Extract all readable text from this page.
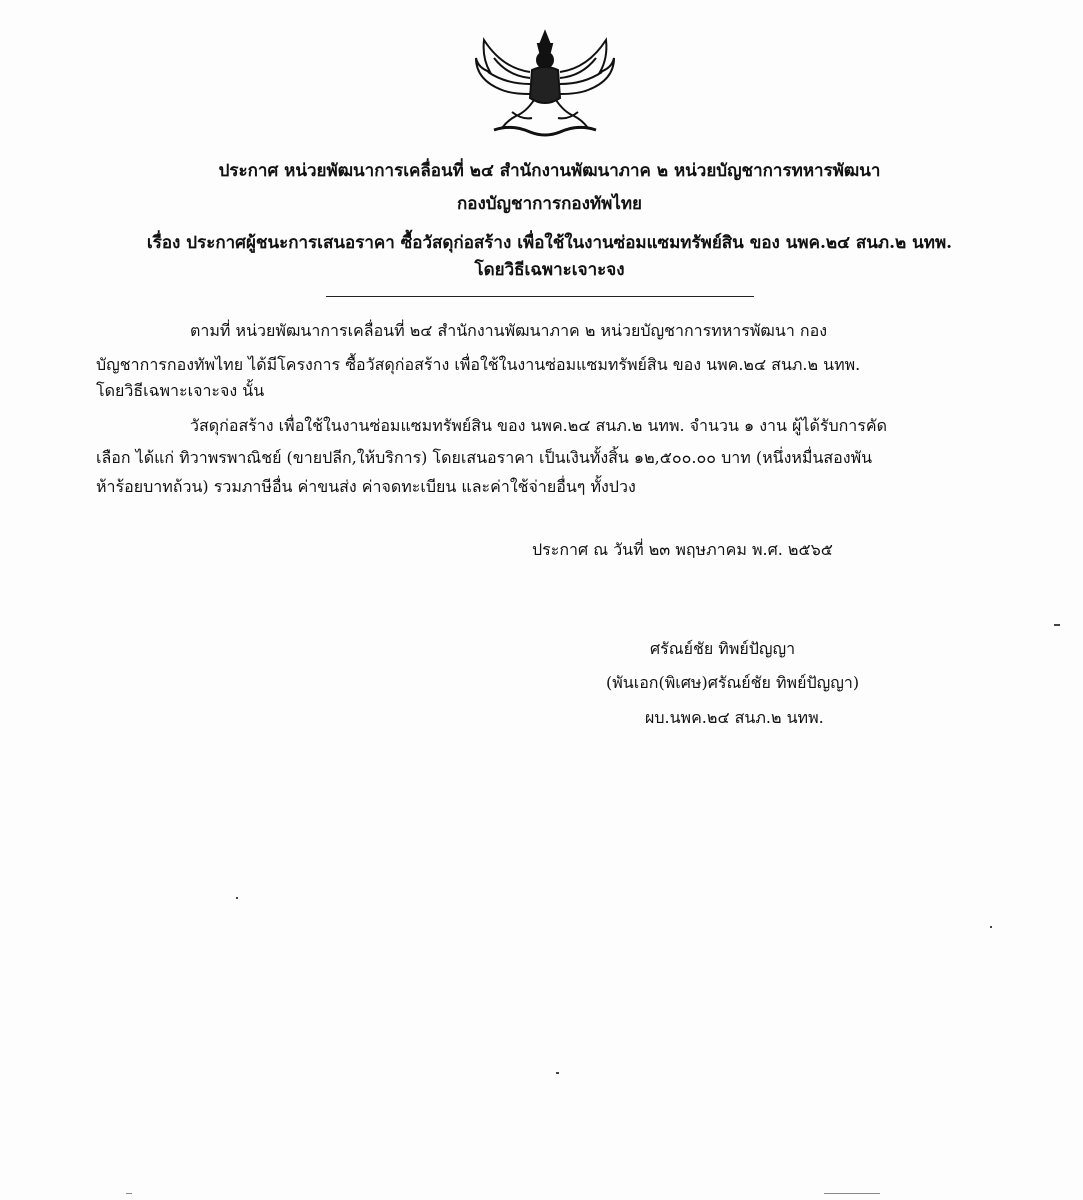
ประกาศ หน่วยพัฒนาการเคลื่อนที่ ๒๔ สำนักงานพัฒนาภาค ๒ หน่วยบัญชาการทหารพัฒนา
กองบัญชาการกองทัพไทย
เรื่อง ประกาศผู้ชนะการเสนอราคา ซื้อวัสดุก่อสร้าง เพื่อใช้ในงานซ่อมแซมทรัพย์สิน ของ นพค.๒๔ สนภ.๒ นทพ.
โดยวิธีเฉพาะเจาะจง
ตามที่ หน่วยพัฒนาการเคลื่อนที่ ๒๔ สำนักงานพัฒนาภาค ๒ หน่วยบัญชาการทหารพัฒนา กอง
บัญชาการกองทัพไทย ได้มีโครงการ ซื้อวัสดุก่อสร้าง เพื่อใช้ในงานซ่อมแซมทรัพย์สิน ของ นพค.๒๔ สนภ.๒ นทพ.
โดยวิธีเฉพาะเจาะจง นั้น
วัสดุก่อสร้าง เพื่อใช้ในงานซ่อมแซมทรัพย์สิน ของ นพค.๒๔ สนภ.๒ นทพ. จำนวน ๑ งาน ผู้ได้รับการคัด
เลือก ได้แก่ ทิวาพรพาณิชย์ (ขายปลีก,ให้บริการ) โดยเสนอราคา เป็นเงินทั้งสิ้น ๑๒,๕๐๐.๐๐ บาท (หนึ่งหมื่นสองพัน
ห้าร้อยบาทถ้วน) รวมภาษีอื่น ค่าขนส่ง ค่าจดทะเบียน และค่าใช้จ่ายอื่นๆ ทั้งปวง
ประกาศ ณ วันที่ ๒๓ พฤษภาคม พ.ศ. ๒๕๖๕
ศรัณย์ชัย ทิพย์ปัญญา
(พันเอก(พิเศษ)ศรัณย์ชัย ทิพย์ปัญญา)
ผบ.นพค.๒๔ สนภ.๒ นทพ.
